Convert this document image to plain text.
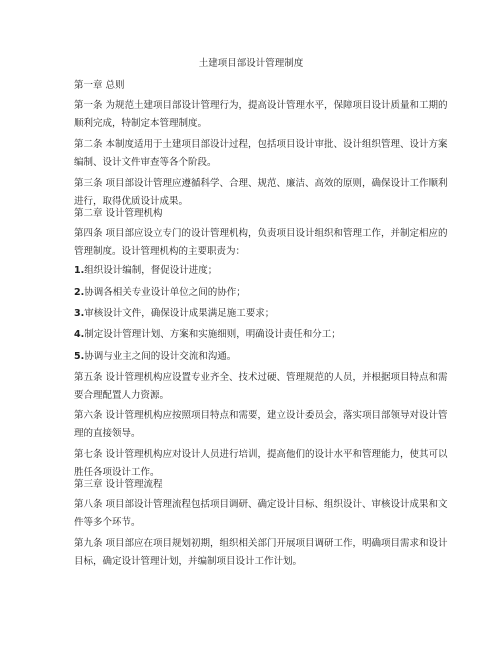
土建项目部设计管理制度
第一章 总则
第一条 为规范土建项目部设计管理行为，提高设计管理水平，保障项目设计质量和工期的
顺利完成，特制定本管理制度。
第二条 本制度适用于土建项目部设计过程，包括项目设计审批、设计组织管理、设计方案
编制、设计文件审查等各个阶段。
第三条 项目部设计管理应遵循科学、合理、规范、廉洁、高效的原则，确保设计工作顺利
进行，取得优质设计成果。
第二章 设计管理机构
第四条 项目部应设立专门的设计管理机构，负责项目设计组织和管理工作，并制定相应的
管理制度。设计管理机构的主要职责为：
1.组织设计编制，督促设计进度；
2.协调各相关专业设计单位之间的协作；
3.审核设计文件，确保设计成果满足施工要求；
4.制定设计管理计划、方案和实施细则，明确设计责任和分工；
5.协调与业主之间的设计交流和沟通。
第五条 设计管理机构应设置专业齐全、技术过硬、管理规范的人员，并根据项目特点和需
要合理配置人力资源。
第六条 设计管理机构应按照项目特点和需要，建立设计委员会，落实项目部领导对设计管
理的直接领导。
第七条 设计管理机构应对设计人员进行培训，提高他们的设计水平和管理能力，使其可以
胜任各项设计工作。
第三章 设计管理流程
第八条 项目部设计管理流程包括项目调研、确定设计目标、组织设计、审核设计成果和文
件等多个环节。
第九条 项目部应在项目规划初期，组织相关部门开展项目调研工作，明确项目需求和设计
目标，确定设计管理计划，并编制项目设计工作计划。
